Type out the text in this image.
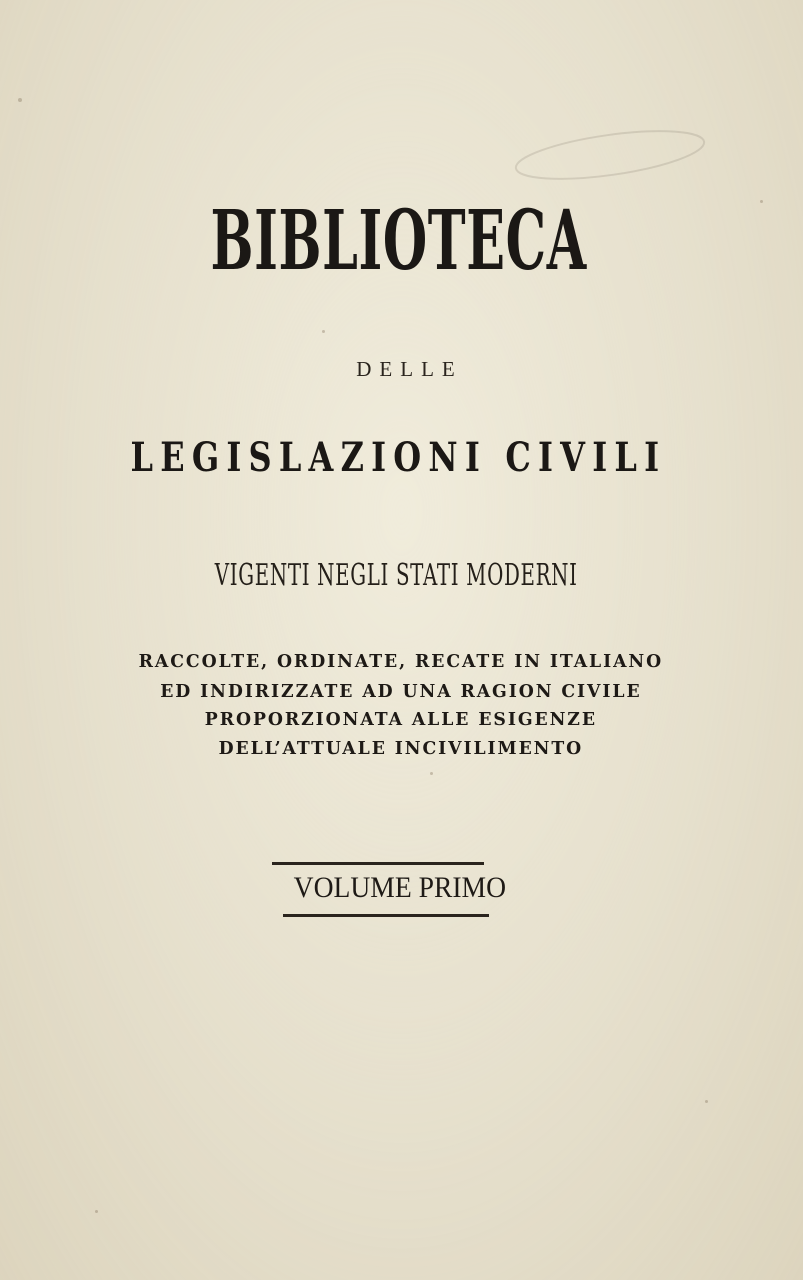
BIBLIOTECA
DELLE
LEGISLAZIONI CIVILI
VIGENTI NEGLI STATI MODERNI
RACCOLTE, ORDINATE, RECATE IN ITALIANO
ED INDIRIZZATE AD UNA RAGION CIVILE
PROPORZIONATA ALLE ESIGENZE
DELL’ATTUALE INCIVILIMENTO
VOLUME PRIMO
